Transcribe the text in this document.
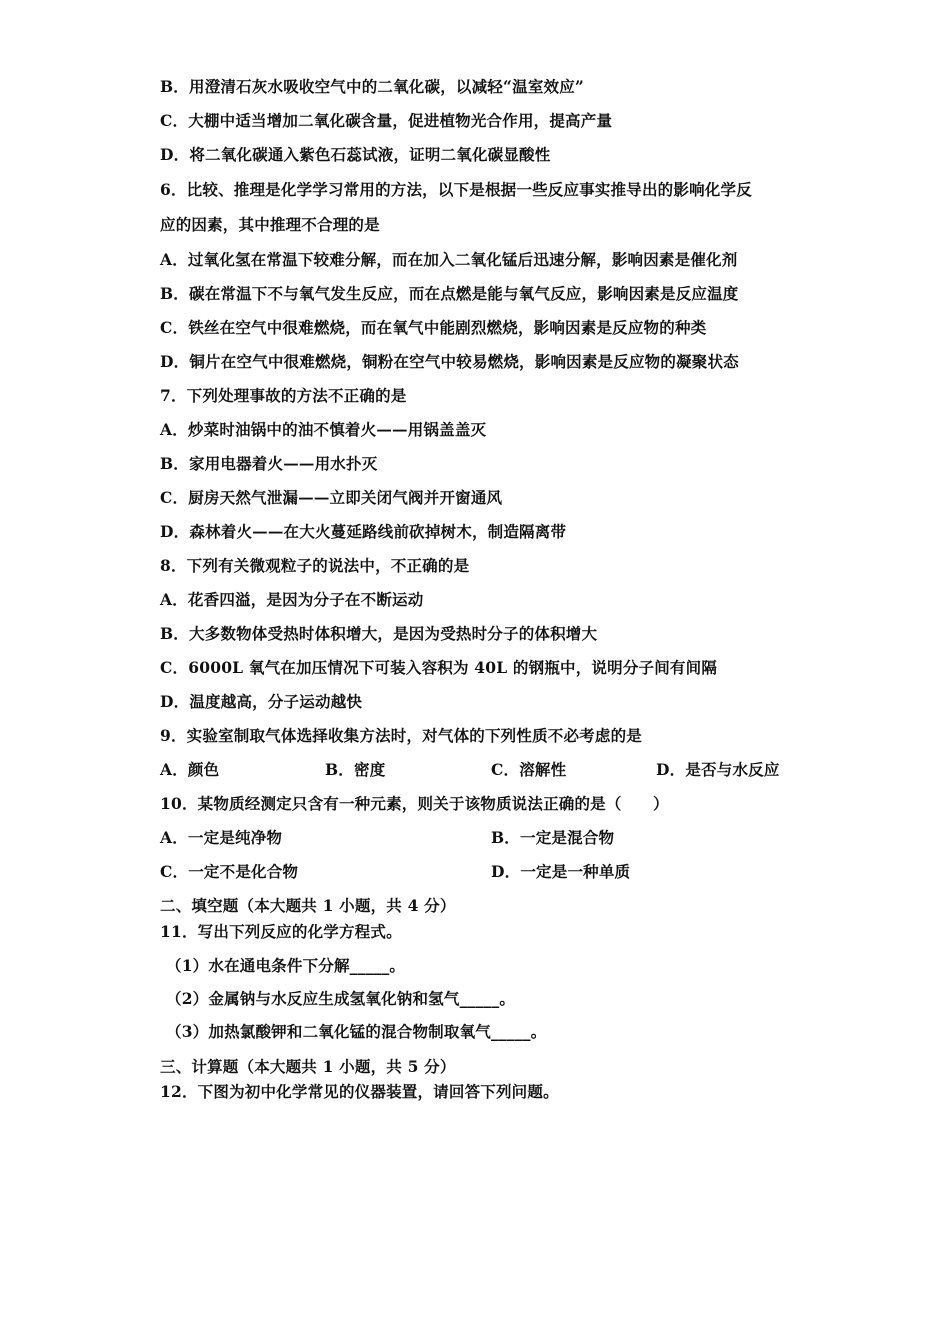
B．用澄清石灰水吸收空气中的二氧化碳，以减轻“温室效应”
C．大棚中适当增加二氧化碳含量，促进植物光合作用，提高产量
D．将二氧化碳通入紫色石蕊试液，证明二氧化碳显酸性
6．比较、推理是化学学习常用的方法，以下是根据一些反应事实推导出的影响化学反
应的因素，其中推理不合理的是
A．过氧化氢在常温下较难分解，而在加入二氧化锰后迅速分解，影响因素是催化剂
B．碳在常温下不与氧气发生反应，而在点燃是能与氧气反应，影响因素是反应温度
C．铁丝在空气中很难燃烧，而在氧气中能剧烈燃烧，影响因素是反应物的种类
D．铜片在空气中很难燃烧，铜粉在空气中较易燃烧，影响因素是反应物的凝聚状态
7．下列处理事故的方法不正确的是
A．炒菜时油锅中的油不慎着火——用锅盖盖灭
B．家用电器着火——用水扑灭
C．厨房天然气泄漏——立即关闭气阀并开窗通风
D．森林着火——在大火蔓延路线前砍掉树木，制造隔离带
8．下列有关微观粒子的说法中，不正确的是
A．花香四溢，是因为分子在不断运动
B．大多数物体受热时体积增大，是因为受热时分子的体积增大
C．6000L 氧气在加压情况下可装入容积为 40L 的钢瓶中，说明分子间有间隔
D．温度越高，分子运动越快
9．实验室制取气体选择收集方法时，对气体的下列性质不必考虑的是
A．颜色	B．密度	C．溶解性	D．是否与水反应
10．某物质经测定只含有一种元素，则关于该物质说法正确的是（　　）
A．一定是纯净物	B．一定是混合物
C．一定不是化合物	D．一定是一种单质
二、填空题（本大题共 1 小题，共 4 分）
11．写出下列反应的化学方程式。
（1）水在通电条件下分解_____。
（2）金属钠与水反应生成氢氧化钠和氢气_____。
（3）加热氯酸钾和二氧化锰的混合物制取氧气_____。
三、计算题（本大题共 1 小题，共 5 分）
12．下图为初中化学常见的仪器装置，请回答下列问题。
